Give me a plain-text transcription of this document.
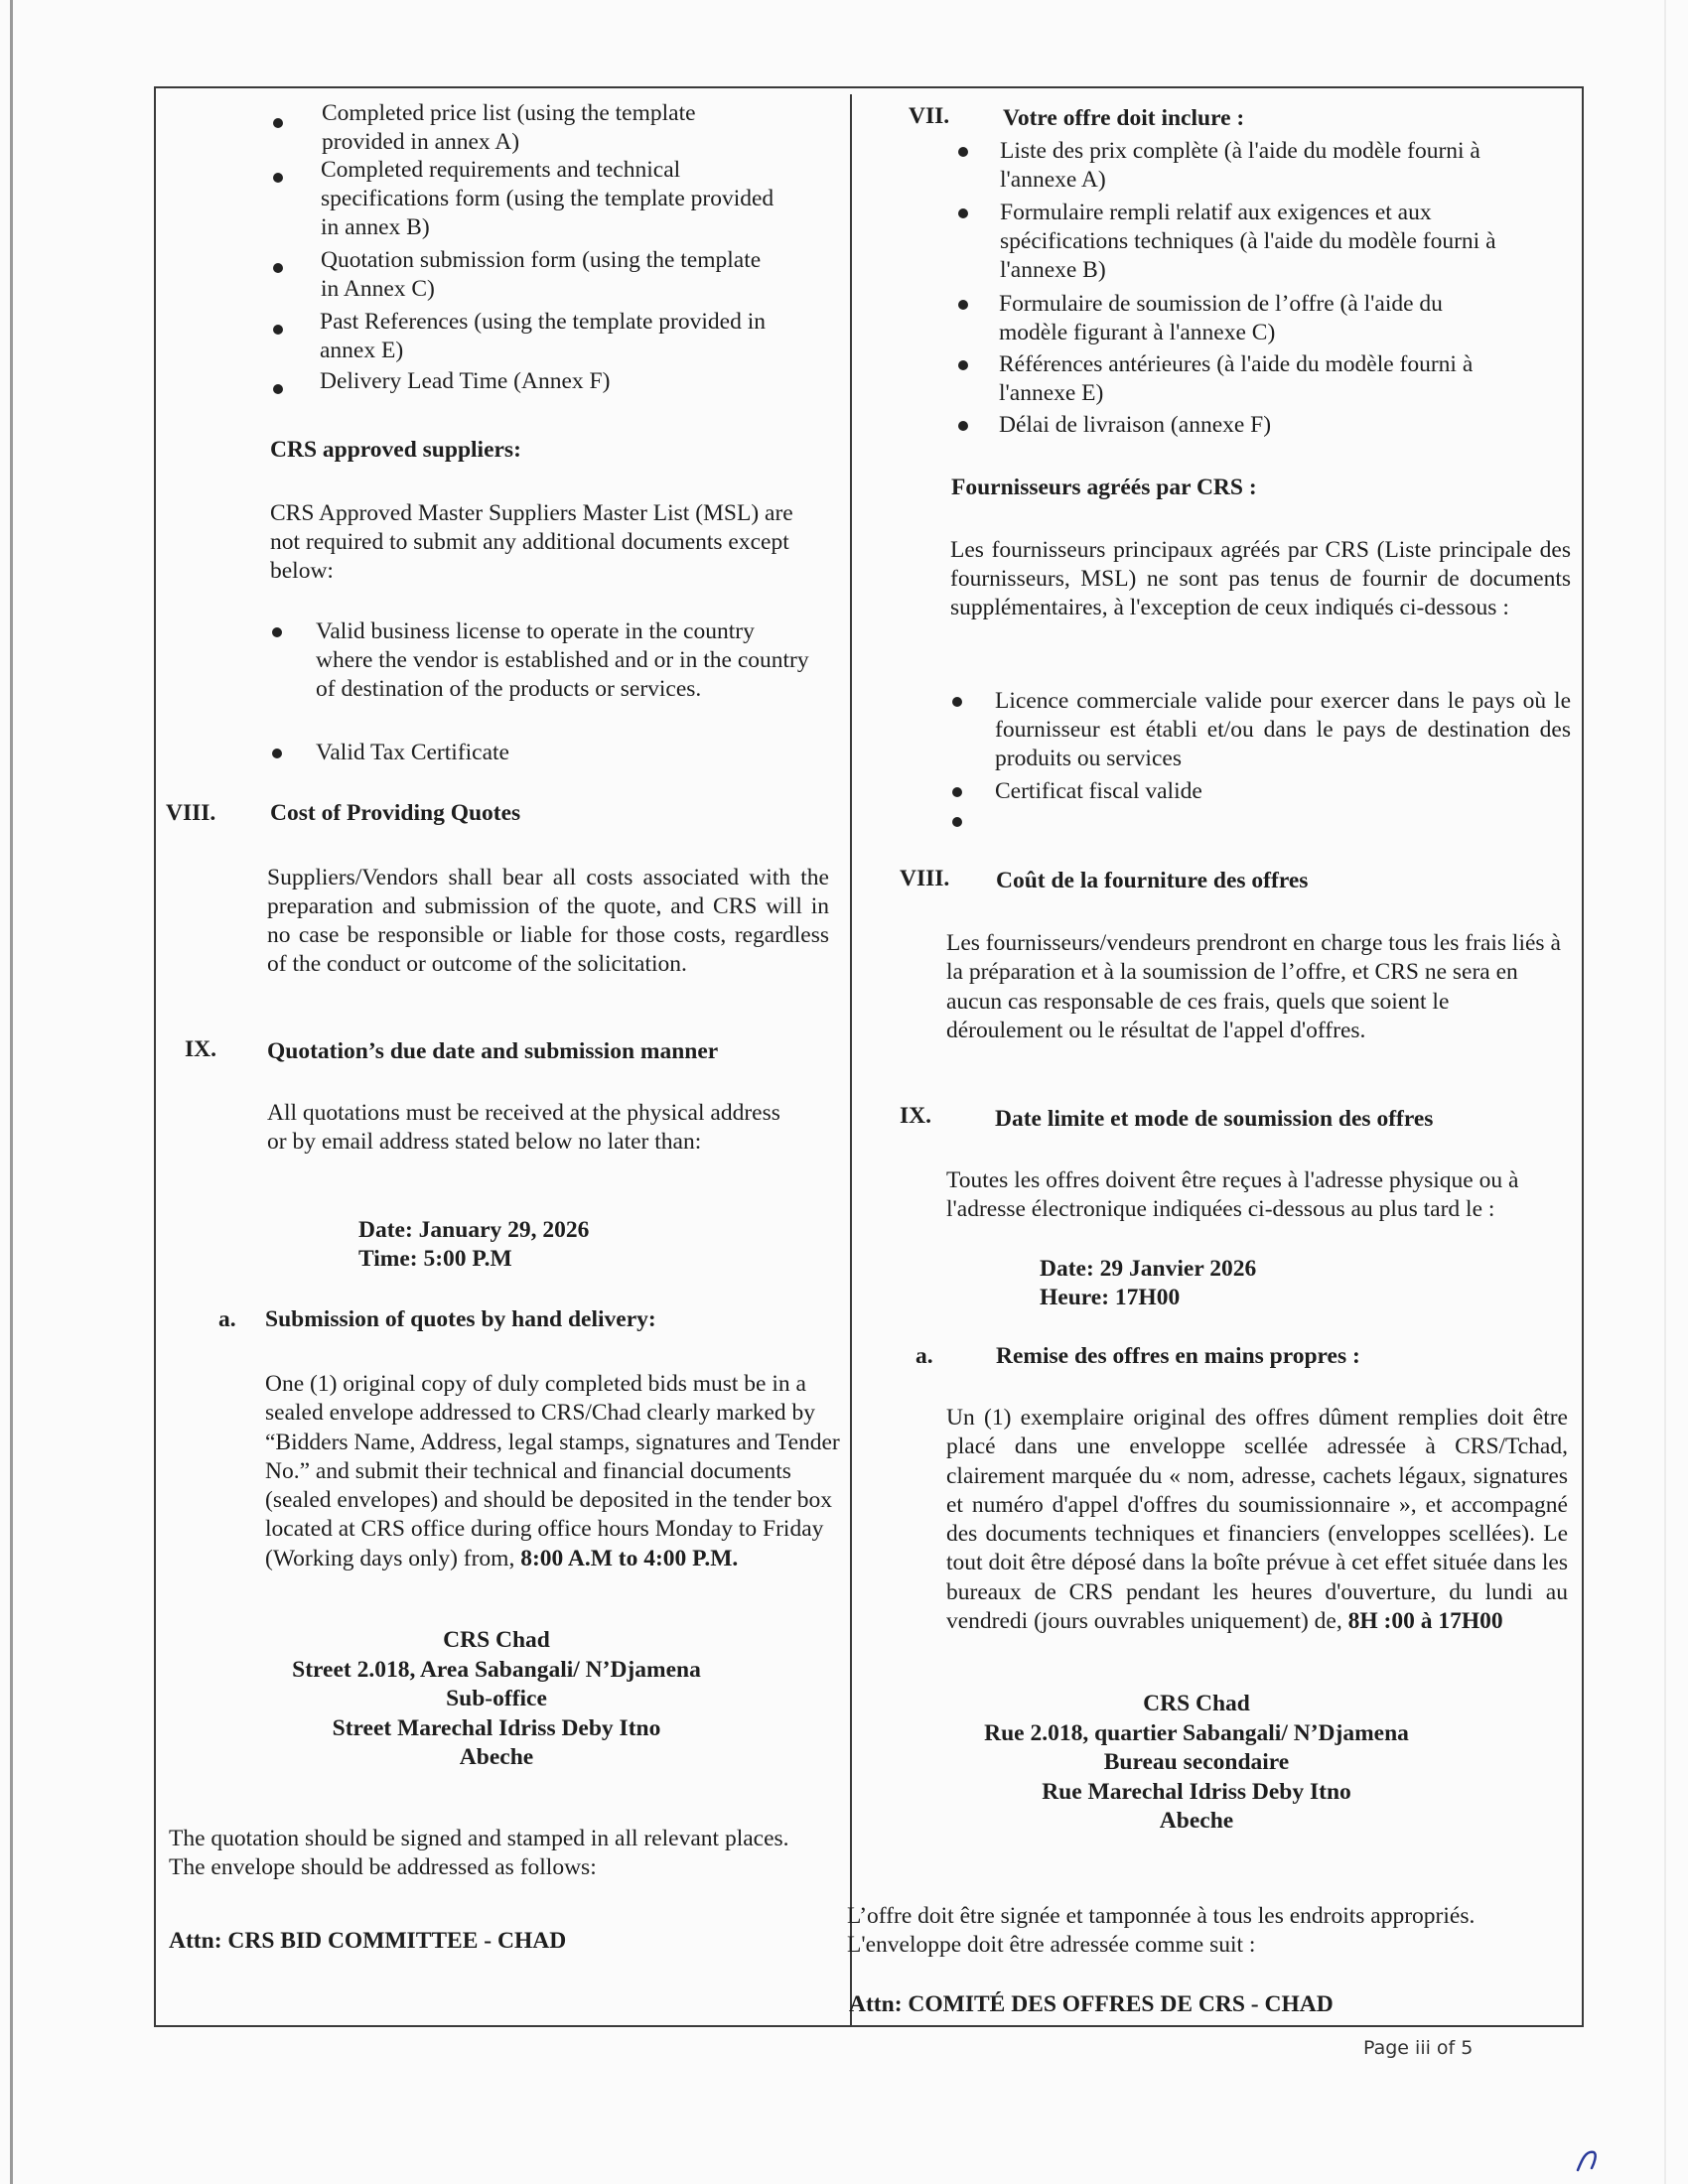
Completed price list (using the template
provided in annex A)
Completed requirements and technical
specifications form (using the template provided
in annex B)
Quotation submission form (using the template
in Annex C)
Past References (using the template provided in
annex E)
Delivery Lead Time (Annex F)
CRS approved suppliers:
CRS Approved Master Suppliers Master List (MSL) are not required to submit any additional documents except below:
Valid business license to operate in the country where the vendor is established and or in the country of destination of the products or services.
Valid Tax Certificate
VIII. Cost of Providing Quotes
Suppliers/Vendors shall bear all costs associated with the preparation and submission of the quote, and CRS will in no case be responsible or liable for those costs, regardless of the conduct or outcome of the solicitation.
IX. Quotation’s due date and submission manner
All quotations must be received at the physical address or by email address stated below no later than:
Date: January 29, 2026
Time: 5:00 P.M
a. Submission of quotes by hand delivery:
One (1) original copy of duly completed bids must be in a sealed envelope addressed to CRS/Chad clearly marked by “Bidders Name, Address, legal stamps, signatures and Tender No.” and submit their technical and financial documents (sealed envelopes) and should be deposited in the tender box located at CRS office during office hours Monday to Friday (Working days only) from, 8:00 A.M to 4:00 P.M.
CRS Chad
Street 2.018, Area Sabangali/ N’Djamena
Sub-office
Street Marechal Idriss Deby Itno
Abeche
The quotation should be signed and stamped in all relevant places. The envelope should be addressed as follows:
Attn: CRS BID COMMITTEE - CHAD
VII. Votre offre doit inclure :
Liste des prix complète (à l'aide du modèle fourni à
l'annexe A)
Formulaire rempli relatif aux exigences et aux
spécifications techniques (à l'aide du modèle fourni à
l'annexe B)
Formulaire de soumission de l’offre (à l'aide du
modèle figurant à l'annexe C)
Références antérieures (à l'aide du modèle fourni à
l'annexe E)
Délai de livraison (annexe F)
Fournisseurs agréés par CRS :
Les fournisseurs principaux agréés par CRS (Liste principale des fournisseurs, MSL) ne sont pas tenus de fournir de documents supplémentaires, à l'exception de ceux indiqués ci-dessous :
Licence commerciale valide pour exercer dans le pays où le fournisseur est établi et/ou dans le pays de destination des produits ou services
Certificat fiscal valide
VIII. Coût de la fourniture des offres
Les fournisseurs/vendeurs prendront en charge tous les frais liés à la préparation et à la soumission de l’offre, et CRS ne sera en aucun cas responsable de ces frais, quels que soient le déroulement ou le résultat de l'appel d'offres.
IX.	Date limite et mode de soumission des offres
Toutes les offres doivent être reçues à l'adresse physique ou à l'adresse électronique indiquées ci-dessous au plus tard le :
Date: 29 Janvier 2026
Heure: 17H00
a.	Remise des offres en mains propres :
Un (1) exemplaire original des offres dûment remplies doit être placé dans une enveloppe scellée adressée à CRS/Tchad, clairement marquée du « nom, adresse, cachets légaux, signatures et numéro d'appel d'offres du soumissionnaire », et accompagné des documents techniques et financiers (enveloppes scellées). Le tout doit être déposé dans la boîte prévue à cet effet située dans les bureaux de CRS pendant les heures d'ouverture, du lundi au vendredi (jours ouvrables uniquement) de, 8H :00 à 17H00
CRS Chad
Rue 2.018, quartier Sabangali/ N’Djamena
Bureau secondaire
Rue Marechal Idriss Deby Itno
Abeche
L’offre doit être signée et tamponnée à tous les endroits appropriés. L'enveloppe doit être adressée comme suit :
Attn: COMITÉ DES OFFRES DE CRS - CHAD
Page iii of 5
